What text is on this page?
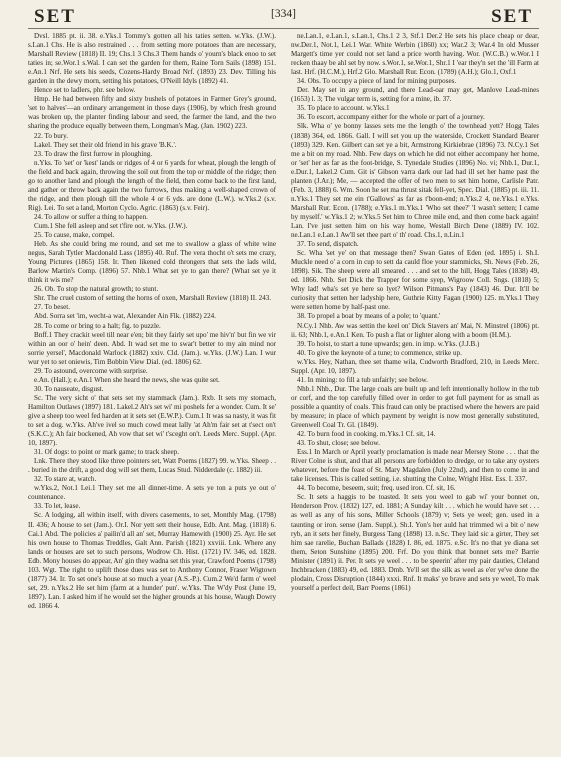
SET	[334]	SET

Dvsl. 1885 pt. ii. 38. e.Yks.1 Tommy's gotten all his taties setten. w.Yks. (J.W.). s.Lan.1 Chs. He is also restrained . . . from setting more potatoes than are necessary, Marshall Review (1818) II. 19; Chs.1 3 Chs.3 Them hands o' yourn's black enoo to set taties in; se.Wor.1 s.Wal. I can set the garden for them, Raine Torn Sails (1898) 151. e.An.1 Nrf. He sets his seeds, Cozens-Hardy Broad Nrf. (1893) 23. Dev. Tilling his garden in the dewy morn, setting his potatoes, O'Neill Idyls (1892) 41.

Hence set to ladlers, phr. see below.

Hmp. He had between fifty and sixty bushels of potatoes in Farmer Grey's ground, 'set to halves'—an ordinary arrangement in those days (1906), by which fresh ground was broken up, the planter finding labour and seed, the farmer the land, and the two sharing the produce equally between them, Longman's Mag. (Jan. 1902) 223.

22. To bury.

Lakel. They set their old friend in his grave 'B.K.'.

23. To draw the first furrow in ploughing.

n.Yks. To 'set' or 'kest' lands or ridges of 4 or 6 yards for wheat, plough the length of the field and back again, throwing the soil out from the top or middle of the ridge; then go to another land and plough the length of the field, then come back to the first land, and gather or throw back again the two furrows, thus making a well-shaped crown of the ridge, and then plough till the whole 4 or 6 yds. are done (L.W.). w.Yks.2 (s.v. Rig). Lei. To set a land, Morton Cyclo. Agric. (1863) (s.v. Feir).

24. To allow or suffer a thing to happen.

Cum.1 She fell asleep and set t'fire oot. w.Yks. (J.W.).

25. To cause, make, compel.

Heb. As she could bring me round, and set me to swallow a glass of white wine negus, Sarah Tytler Macdonald Lass (1895) 40. Ruf. The vera thocht o't sets me crazy, Young Pictures (1865) 158. Ir. Then likened cold throngers that sets the lads wild, Barlow Martin's Comp. (1896) 57. Nhb.1 What set ye to gan there? (What set ye it think it wis me?

26. Ob. To stop the natural growth; to stunt.

Shr. The cruel custom of setting the horns of oxen, Marshall Review (1818) II. 243.

27. To beset.

Abd. Sorra set 'im, wecht-a wat, Alexander Ain Flk. (1882) 224.

28. To come or bring to a halt; fig. to puzzle.

Bnff.1 They crackit weel till near e'en; bit they fairly set upo' me hiv'n' but fin we vir within an oor o' hein' deen. Abd. It wad set me to swar't better to my ain mind nor sorrie yersel', Macdonald Warlock (1882) xxiv. Cld. (Jam.). w.Yks. (J.W.) Lan. I wur wur yet to set oniewis, Tim Bobbin View Dial. (ed. 1806) 62.

29. To astound, overcome with surprise.

e.An. (Hall.); e.An.1 When she heard the news, she was quite set.

30. To nauseate, disgust.

Sc. The very sicht o' that sets set my stammack (Jam.). Rxb. It sets my stomach, Hamilton Outlaws (1897) 181. Lakel.2 Ah's set wi' mi poshels fer a wonder. Cum. It se' give a sheep too weel fed harden at it sets set (E.W.P.). Cum.1 It was sa nasty, it was fit to set a dog. w.Yks. Ah've ivel so much cowd meat lally 'at Ah'm fair set at t'sect on't (S.K.C.); Ah fair bockened, Ah vow that set wi' t'sceght on't. Leeds Merc. Suppl. (Apr. 10, 1897).

31. Of dogs: to point or mark game; to track sheep.

Lnk. There they stood like three pointers set, Watt Poems (1827) 99. w.Yks. Sheep . . . buried in the drift, a good dog will set them, Lucas Stud. Nidderdale (c. 1882) iii.

32. To stare at, watch.

w.Yks.2, Not.1 Lei.1 They set me all dinner-time. A sets ye ton a puts ye out o' countenance.

33. To let, lease.

Sc. A lodging, all within itself, with divers casements, to set, Monthly Mag. (1798) II. 436; A house to set (Jam.). Or.I. Nor yett sett their house, Edb. Ant. Mag. (1818) 6. Cai.1 Abd. The policies a' pailin'd all an' set, Murray Hamewith (1900) 25. Ayr. He set his own house to Thomas Treddles, Galt Ann. Parish (1821) xxviii. Lnk. Where any lands or houses are set to such persons, Wodrow Ch. Hist. (1721) IV. 346, ed. 1828. Edb. Mony houses do appear, An' gin they wadna set this year, Crawford Poems (1798) 103. Wgt. The right to uplift those dues was set to Anthony Connor, Fraser Wigtown (1877) 34. Ir. To set one's house at so much a year (A.S.-P.). Cum.2 We'd farm o' weel set, 29. n.Yks.2 He set him (farm at a hunder' pun'. w.Yks. The W'dy Post (June 19, 1897). Lan. I asked him if he would set the higher grounds at his house, Waugh Dowry ed. 1866 4.

ne.Lan.1, e.Lan.1, s.Lan.1, Chs.1 2 3, Stf.1 Der.2 He sets his place cheap or dear, nw.Der.1, Not.1, Lei.1 War. White Werbin (1860) xx; War.2 3; War.4 In old Musser Margett's time yer could not set land a price worth having. Wor. (W.C.B.) w.Wor.1 I recken thaay be ahl set by now. s.Wor.1, se.Wor.1, Shr.1 I 'ear they'n set the 'ill Farm at last. Hrf. (H.C.M.), Hrf.2 Glo. Marshall Rur. Econ. (1789) (A.H.); Glo.1, Oxf.1

34. Obs. To occupy a piece of land for mining purposes.

Der. May set in any ground, and there Lead-oar may get, Manlove Lead-mines (1653) l. 3; The vulgar term is, setting for a mine, ib. 37.

35. To place to account. w.Yks.1

36. To escort, accompany either for the whole or part of a journey.

Slk. Wha o' ye bonny lasses sets me the length o' the townhead yett? Hogg Tales (1838) 364, ed. 1866. Gall. I will set you up the waterside, Crockett Standard Bearer (1893) 329. Ken. Gilbert can set ye a bit, Armstrong Kirkiebrae (1896) 73. N.Cy.1 Set me a bit on my road. Nhb. Few days on which he did not either accompany her home, or 'set' her as far as the foot-bridge, S. Tynedale Studies (1896) No. vi; Nhb.1, Dur.1, e.Dur.1, Lakel.2 Cum. Git is' Gibson varra dark our lad had ill set her hame past the planten (J.Ar.); Me, — accepted the offer of two men to set him home, Carlisle Patr. (Feb. 3, 1888) 6. Wm. Soon he set ma thrust sitak fell-yet, Spec. Dial. (1885) pt. iii. 11. n.Yks.1 They set me ein t'Gallows' as far as t'boon-end; n.Yks.2 4, ne.Yks.1 e.Yks. Marshall Rur. Econ. (1788); e.Yks.1 m.Yks.1 'Who set thee?' 'I wasn't setten; I came by myself.' w.Yks.1 2; w.Yks.5 Set him to Chree mile end, and then come back again! Lan. I've just setten him on his way home, Westall Birch Dene (1889) IV. 102. ne.Lan.1 e.Lan.1 Aw'll set thee part o' th' road. Chs.1, n.Lin.1

37. To send, dispatch.

Sc. Wha 'set ye' on that message then? Swan Gates of Eden (ed. 1895) i. Sh.I. Muckle need o' a corn in cup to sett da cauld floe your stammicks, Sh. News (Feb. 26, 1898). Sik. The sheep were all smeared . . . and set to the hill, Hogg Tales (1838) 49, ed. 1866. Nhb. Set Dick the Trapper for some syep, Wigroow Coll. Sngs. (1818) 5; Why lad! wha's set ye here so lyet? Wilson Pitmans's Pay (1843) 46. Dur. It'll be curiosity that setten her ladyship here, Guthrie Kitty Fagan (1900) 125. m.Yks.1 They were setten home by half-past one.

38. To propel a boat by means of a pole; to 'quant.'

N.Cy.1 Nhb. Aw was settin the keel on' Dick Stavers an' Mai, N. Minstrel (1806) pt. ii. 63; Nhb.1, e.An.1 Ken. To push a flat or lighter along with a boom (H.M.).

39. To hoist, to start a tune upwards; gen. in imp. w.Yks. (J.J.B.)

40. To give the keynote of a tune; to commence, strike up.

w.Yks. Hey, Nathan, thee set thame wila, Cudworth Bradford, 210, in Leeds Merc. Suppl. (Apr. 10, 1897).

41. In mining: to fill a tub unfairly; see below.

Nhb.1 Nhb., Dur. The large coals are built up and left intentionally hollow in the tub or corf, and the top carefully filled over in order to get full payment for as small as possible a quantity of coals. This fraud can only be practised where the hewers are paid by measure; in place of which payment by weight is now most generally substituted, Greenwell Coal Tr. Gl. (1849).

42. To burn food in cooking. m.Yks.1 Cf. sit, 14.

43. To shut, close; see below.

Ess.1 In March or April yearly proclamation is made near Mersey Stone . . . that the River Colne is shut, and that all persons are forbidden to dredge, or to take any oysters whatever, before the feast of St. Mary Magdalen (July 22nd), and then to come in and take licenses. This is called setting, i.e. shutting the Colne, Wright Hist. Ess. I. 337.

44. To become, beseem, suit; freq. used iron. Cf. sit, 16.

Sc. It sets a haggis to be toasted. It sets you weel to gab wi' your bonnet on, Henderson Prov. (1832) 127, ed. 1881; A Sunday kilt . . . which he would have set . . . as well as any of his sons, Miller Schools (1879) v; Sets ye weel; gen. used in a taunting or iron. sense (Jam. Suppl.). Sh.I. Yon's her auld hat trimmed wi a bit o' new ryb, an it sets her finely, Burgess Tang (1898) 13. n.Sc. They laid sic a girter, They set him sae rarelie, Buchan Ballads (1828) I. 86, ed. 1875. e.Sc. It's no that ye diana set them, Seton Sunshine (1895) 200. Frf. Do you think that bonnet sets me? Barrie Minister (1891) ii. Per. It sets ye weel . . . to be speerin' after my pair dauties, Cleland Inchbracken (1883) 49, ed. 1883. Dmb. Ye'll set the silk as weel as e'er ye've done the plodain, Cross Disruption (1844) xxxi. Rnf. It maks' ye brave and sets ye weel, To mak yourself a perfect deil, Barr Poems (1861)
